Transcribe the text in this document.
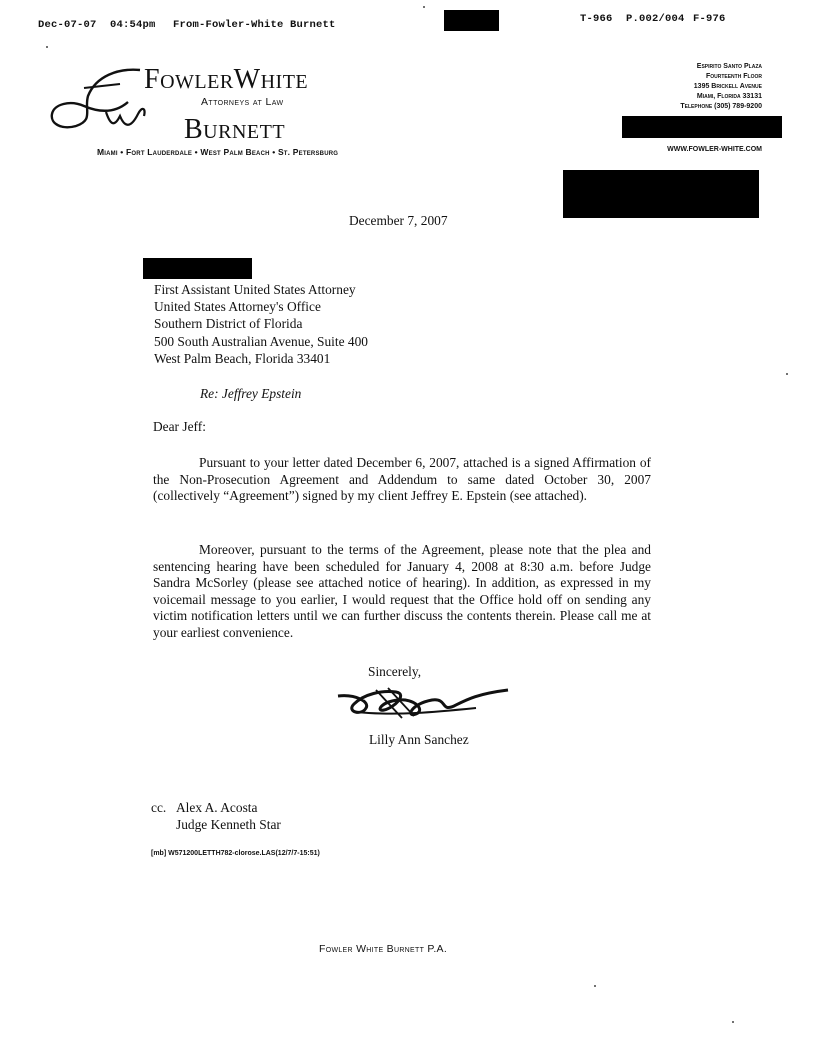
Dec-07-07 04:54pm From-Fowler-White Burnett	T-966 P.002/004 F-976
FowlerWhite
Attorneys at Law
Burnett
Miami • Fort Lauderdale • West Palm Beach • St. Petersburg
Espirito Santo Plaza
Fourteenth Floor
1395 Brickell Avenue
Miami, Florida 33131
Telephone (305) 789-9200
WWW.FOWLER-WHITE.COM
December 7, 2007
First Assistant United States Attorney
United States Attorney's Office
Southern District of Florida
500 South Australian Avenue, Suite 400
West Palm Beach, Florida 33401
Re: Jeffrey Epstein
Dear Jeff:
Pursuant to your letter dated December 6, 2007, attached is a signed Affirmation of the Non-Prosecution Agreement and Addendum to same dated October 30, 2007 (collectively “Agreement”) signed by my client Jeffrey E. Epstein (see attached).
Moreover, pursuant to the terms of the Agreement, please note that the plea and sentencing hearing have been scheduled for January 4, 2008 at 8:30 a.m. before Judge Sandra McSorley (please see attached notice of hearing). In addition, as expressed in my voicemail message to you earlier, I would request that the Office hold off on sending any victim notification letters until we can further discuss the contents therein. Please call me at your earliest convenience.
Sincerely,
Lilly Ann Sanchez
cc. Alex A. Acosta
Judge Kenneth Star
[mb] W571200LETTH782-clorose.LAS(12/7/7-15:51)
Fowler White Burnett P.A.
